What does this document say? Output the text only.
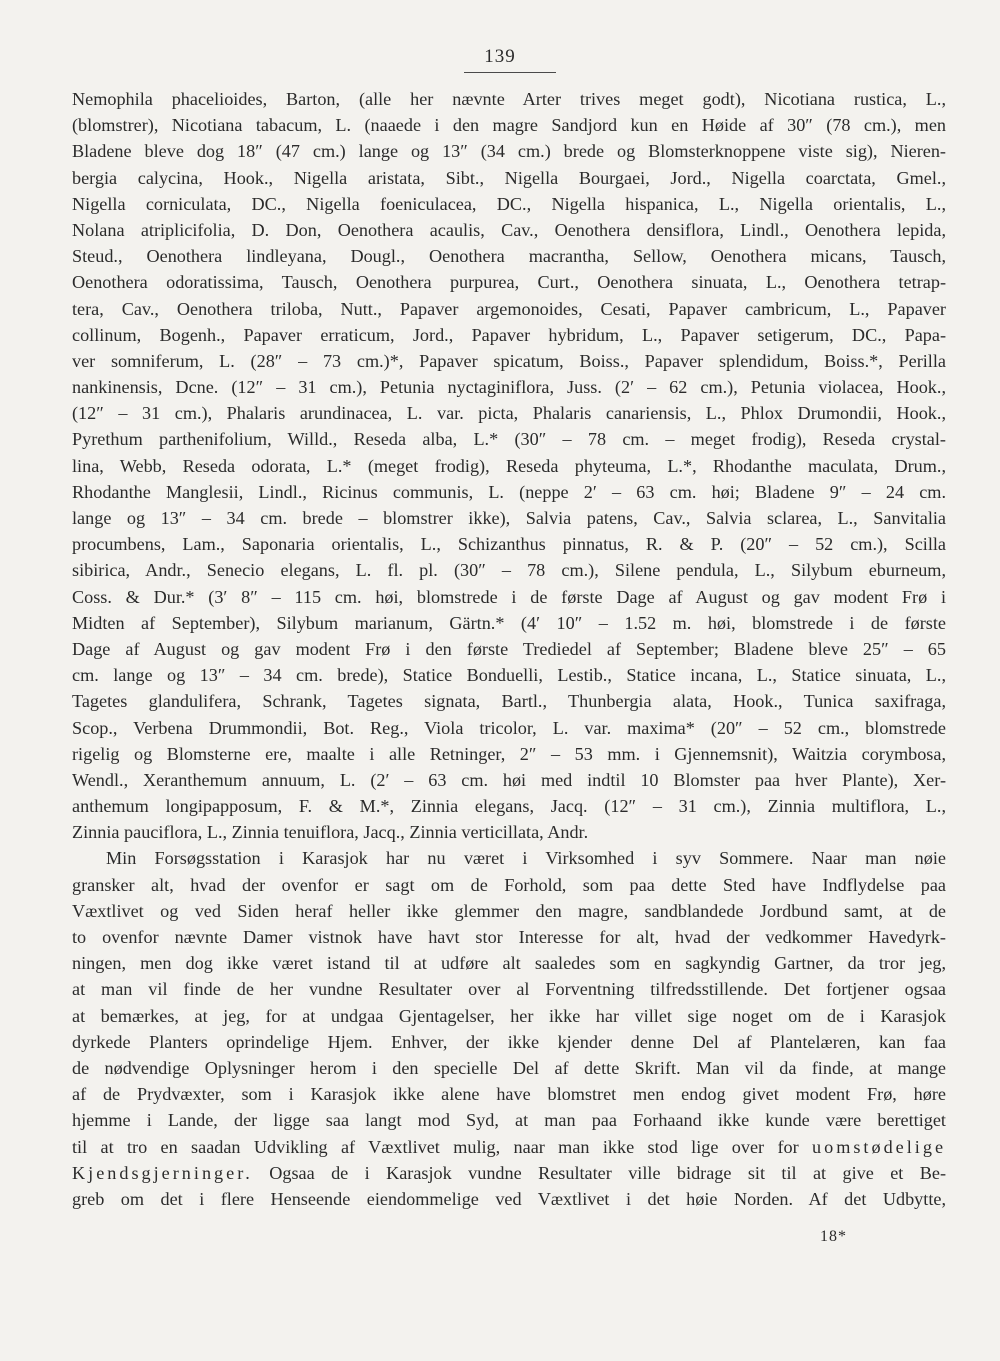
139
Nemophila phacelioides, Barton, (alle her nævnte Arter trives meget godt), Nicotiana rustica, L.,
(blomstrer), Nicotiana tabacum, L. (naaede i den magre Sandjord kun en Høide af 30″ (78 cm.), men
Bladene bleve dog 18″ (47 cm.) lange og 13″ (34 cm.) brede og Blomsterknoppene viste sig), Nieren-
bergia calycina, Hook., Nigella aristata, Sibt., Nigella Bourgaei, Jord., Nigella coarctata, Gmel.,
Nigella corniculata, DC., Nigella foeniculacea, DC., Nigella hispanica, L., Nigella orientalis, L.,
Nolana atriplicifolia, D. Don, Oenothera acaulis, Cav., Oenothera densiflora, Lindl., Oenothera lepida,
Steud., Oenothera lindleyana, Dougl., Oenothera macrantha, Sellow, Oenothera micans, Tausch,
Oenothera odoratissima, Tausch, Oenothera purpurea, Curt., Oenothera sinuata, L., Oenothera tetrap-
tera, Cav., Oenothera triloba, Nutt., Papaver argemonoides, Cesati, Papaver cambricum, L., Papaver
collinum, Bogenh., Papaver erraticum, Jord., Papaver hybridum, L., Papaver setigerum, DC., Papa-
ver somniferum, L. (28″ – 73 cm.)*, Papaver spicatum, Boiss., Papaver splendidum, Boiss.*, Perilla
nankinensis, Dcne. (12″ – 31 cm.), Petunia nyctaginiflora, Juss. (2′ – 62 cm.), Petunia violacea, Hook.,
(12″ – 31 cm.), Phalaris arundinacea, L. var. picta, Phalaris canariensis, L., Phlox Drumondii, Hook.,
Pyrethum parthenifolium, Willd., Reseda alba, L.* (30″ – 78 cm. – meget frodig), Reseda crystal-
lina, Webb, Reseda odorata, L.* (meget frodig), Reseda phyteuma, L.*, Rhodanthe maculata, Drum.,
Rhodanthe Manglesii, Lindl., Ricinus communis, L. (neppe 2′ – 63 cm. høi; Bladene 9″ – 24 cm.
lange og 13″ – 34 cm. brede – blomstrer ikke), Salvia patens, Cav., Salvia sclarea, L., Sanvitalia
procumbens, Lam., Saponaria orientalis, L., Schizanthus pinnatus, R. & P. (20″ – 52 cm.), Scilla
sibirica, Andr., Senecio elegans, L. fl. pl. (30″ – 78 cm.), Silene pendula, L., Silybum eburneum,
Coss. & Dur.* (3′ 8″ – 115 cm. høi, blomstrede i de første Dage af August og gav modent Frø i
Midten af September), Silybum marianum, Gärtn.* (4′ 10″ – 1.52 m. høi, blomstrede i de første
Dage af August og gav modent Frø i den første Trediedel af September; Bladene bleve 25″ – 65
cm. lange og 13″ – 34 cm. brede), Statice Bonduelli, Lestib., Statice incana, L., Statice sinuata, L.,
Tagetes glandulifera, Schrank, Tagetes signata, Bartl., Thunbergia alata, Hook., Tunica saxifraga,
Scop., Verbena Drummondii, Bot. Reg., Viola tricolor, L. var. maxima* (20″ – 52 cm., blomstrede
rigelig og Blomsterne ere, maalte i alle Retninger, 2″ – 53 mm. i Gjennemsnit), Waitzia corymbosa,
Wendl., Xeranthemum annuum, L. (2′ – 63 cm. høi med indtil 10 Blomster paa hver Plante), Xer-
anthemum longipapposum, F. & M.*, Zinnia elegans, Jacq. (12″ – 31 cm.), Zinnia multiflora, L.,
Zinnia pauciflora, L., Zinnia tenuiflora, Jacq., Zinnia verticillata, Andr.
Min Forsøgsstation i Karasjok har nu været i Virksomhed i syv Sommere. Naar man nøie
gransker alt, hvad der ovenfor er sagt om de Forhold, som paa dette Sted have Indflydelse paa
Væxtlivet og ved Siden heraf heller ikke glemmer den magre, sandblandede Jordbund samt, at de
to ovenfor nævnte Damer vistnok have havt stor Interesse for alt, hvad der vedkommer Havedyrk-
ningen, men dog ikke været istand til at udføre alt saaledes som en sagkyndig Gartner, da tror jeg,
at man vil finde de her vundne Resultater over al Forventning tilfredsstillende. Det fortjener ogsaa
at bemærkes, at jeg, for at undgaa Gjentagelser, her ikke har villet sige noget om de i Karasjok
dyrkede Planters oprindelige Hjem. Enhver, der ikke kjender denne Del af Plantelæren, kan faa
de nødvendige Oplysninger herom i den specielle Del af dette Skrift. Man vil da finde, at mange
af de Prydvæxter, som i Karasjok ikke alene have blomstret men endog givet modent Frø, høre
hjemme i Lande, der ligge saa langt mod Syd, at man paa Forhaand ikke kunde være berettiget
til at tro en saadan Udvikling af Væxtlivet mulig, naar man ikke stod lige over for uomstødelige
Kjendsgjerninger. Ogsaa de i Karasjok vundne Resultater ville bidrage sit til at give et Be-
greb om det i flere Henseende eiendommelige ved Væxtlivet i det høie Norden. Af det Udbytte,
18*
